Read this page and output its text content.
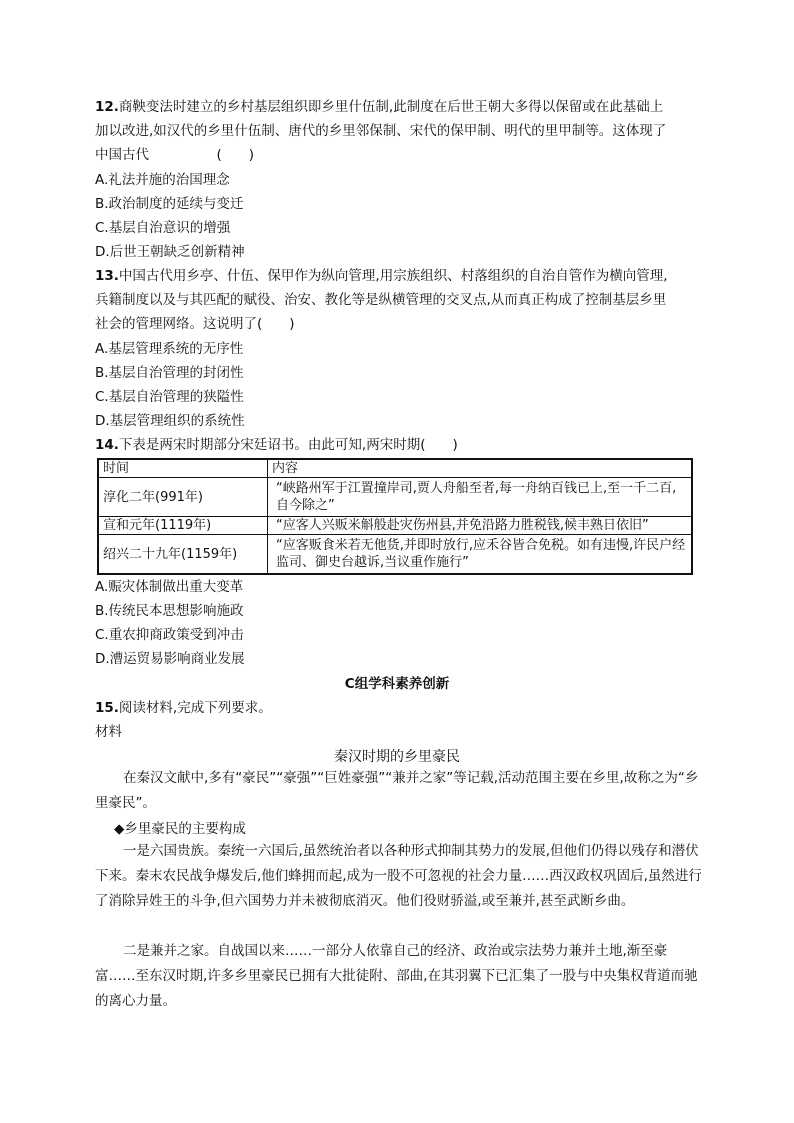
12.商鞅变法时建立的乡村基层组织即乡里什伍制,此制度在后世王朝大多得以保留或在此基础上
加以改进,如汉代的乡里什伍制、唐代的乡里邻保制、宋代的保甲制、明代的里甲制等。这体现了
中国古代　　　　　(　　)
A.礼法并施的治国理念
B.政治制度的延续与变迁
C.基层自治意识的增强
D.后世王朝缺乏创新精神
13.中国古代用乡亭、什伍、保甲作为纵向管理,用宗族组织、村落组织的自治自管作为横向管理,
兵籍制度以及与其匹配的赋役、治安、教化等是纵横管理的交叉点,从而真正构成了控制基层乡里
社会的管理网络。这说明了(　　)
A.基层管理系统的无序性
B.基层自治管理的封闭性
C.基层自治管理的狭隘性
D.基层管理组织的系统性
14.下表是两宋时期部分宋廷诏书。由此可知,两宋时期(　　)
时间	内容
淳化二年(991年)	“峡路州军于江置撞岸司,贾人舟船至者,每一舟纳百钱已上,至一千二百,自今除之”
宣和元年(1119年)	“应客人兴贩米斛般赴灾伤州县,并免沿路力胜税钱,候丰熟日依旧”
绍兴二十九年(1159年)	“应客贩食米若无他货,并即时放行,应禾谷皆合免税。如有违慢,许民户经监司、御史台越诉,当议重作施行”
A.赈灾体制做出重大变革
B.传统民本思想影响施政
C.重农抑商政策受到冲击
D.漕运贸易影响商业发展
C组学科素养创新
15.阅读材料,完成下列要求。
材料
秦汉时期的乡里豪民
在秦汉文献中,多有“豪民”“豪强”“巨姓豪强”“兼并之家”等记载,活动范围主要在乡里,故称之为“乡里豪民”。
◆乡里豪民的主要构成
一是六国贵族。秦统一六国后,虽然统治者以各种形式抑制其势力的发展,但他们仍得以残存和潜伏下来。秦末农民战争爆发后,他们蜂拥而起,成为一股不可忽视的社会力量……西汉政权巩固后,虽然进行了消除异姓王的斗争,但六国势力并未被彻底消灭。他们役财骄溢,或至兼并,甚至武断乡曲。
二是兼并之家。自战国以来……一部分人依靠自己的经济、政治或宗法势力兼并土地,渐至豪富……至东汉时期,许多乡里豪民已拥有大批徒附、部曲,在其羽翼下已汇集了一股与中央集权背道而驰的离心力量。
